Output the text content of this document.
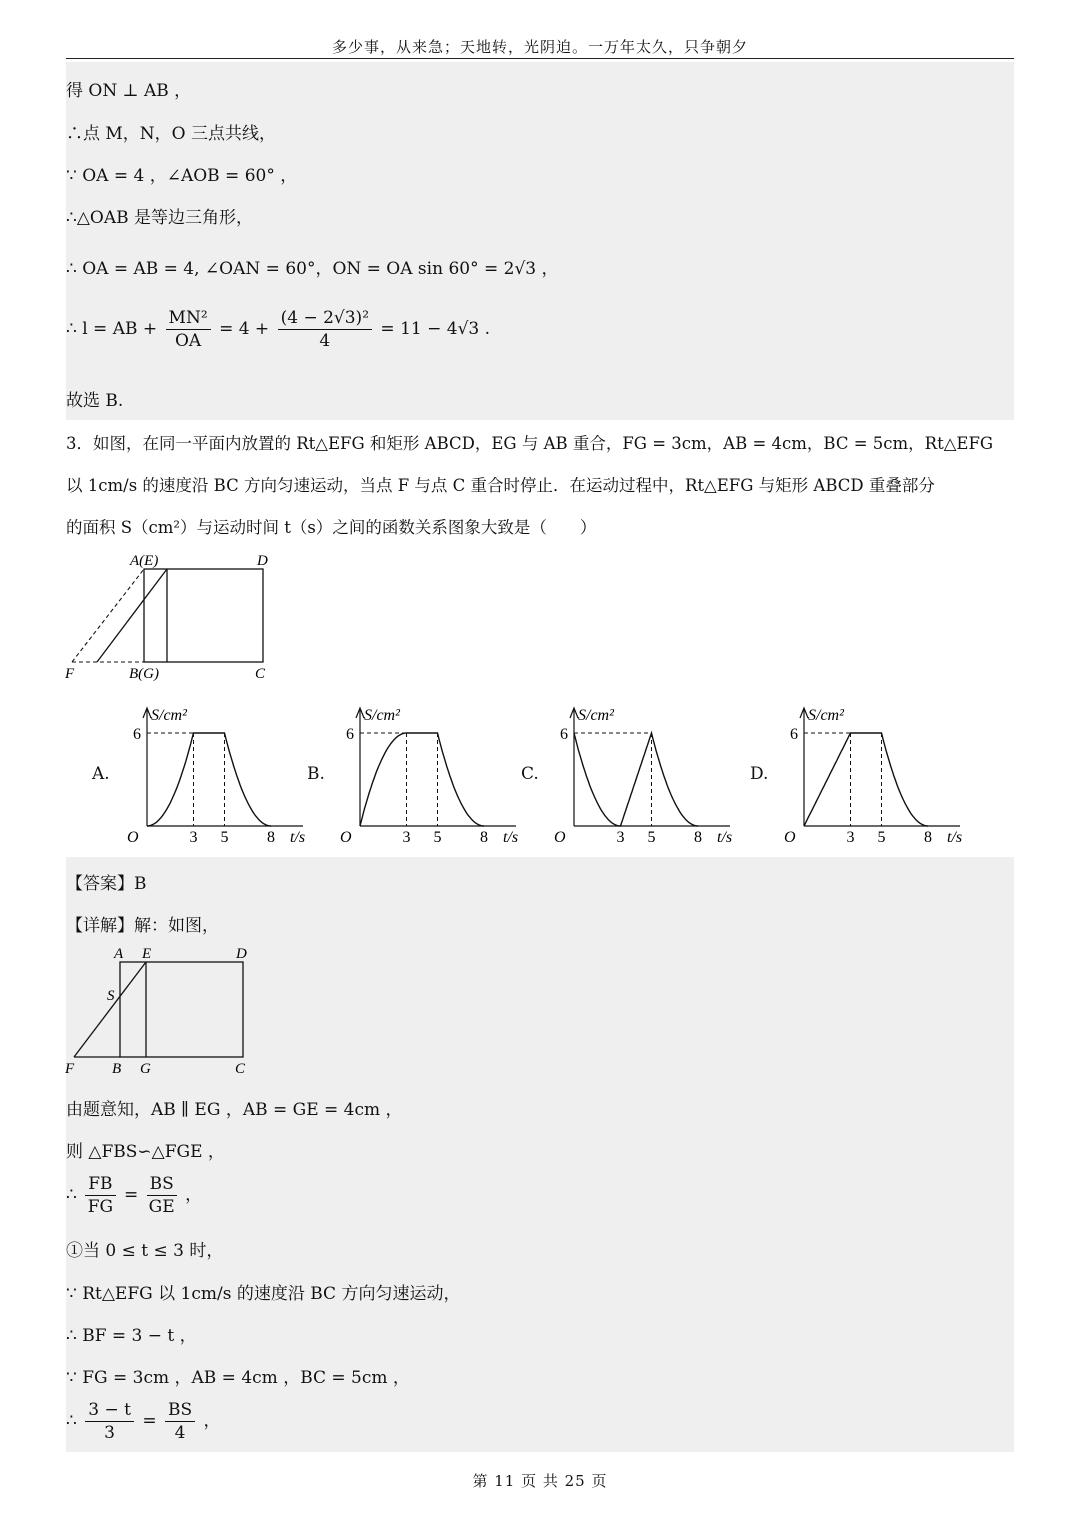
多少事，从来急；天地转，光阴迫。一万年太久，只争朝夕
得 ON ⊥ AB ，
∴点 M，N，O 三点共线，
∵ OA = 4 ，∠AOB = 60° ，
∴△OAB 是等边三角形，
∴ OA = AB = 4, ∠OAN = 60°，ON = OA sin 60° = 2√3 ，
∴ l = AB + $\frac{\text{MN²}}{OA} = 4 + \frac{\text{(4 − 2√3)²}}{4} = 11 - 4√3$ .
故选 B.
3．如图，在同一平面内放置的 Rt△EFG 和矩形 ABCD，EG 与 AB 重合，FG = 3cm，AB = 4cm，BC = 5cm，Rt△EFG
以 1cm/s 的速度沿 BC 方向匀速运动，当点 F 与点 C 重合时停止．在运动过程中，Rt△EFG 与矩形 ABCD 重叠部分
的面积 S（cm²）与运动时间 t（s）之间的函数关系图象大致是（　　）
A(E)	D
F	B(G)	C
A.	B.	C.	D.
S/cm²
6
O	3 5 8 t/s
S/cm²
6
O	3 5 8 t/s
S/cm²
6
O	3 5 8 t/s
S/cm²
6
O	3 5 8 t/s
【答案】B
【详解】解：如图，
A E	D
S
F	B G	C
由题意知，AB ∥ EG ，AB = GE = 4cm ，
则 △FBS∽△FGE ，
∴ $\frac{FB}{FG} = \frac{BS}{GE}$ ，
①当 0 ≤ t ≤ 3 时，
∵ Rt△EFG 以 1cm/s 的速度沿 BC 方向匀速运动，
∴ BF = 3 − t ，
∵ FG = 3cm ，AB = 4cm ，BC = 5cm ，
∴ $\frac{3 - t}{3} = \frac{BS}{4}$ ，
第 11 页 共 25 页
